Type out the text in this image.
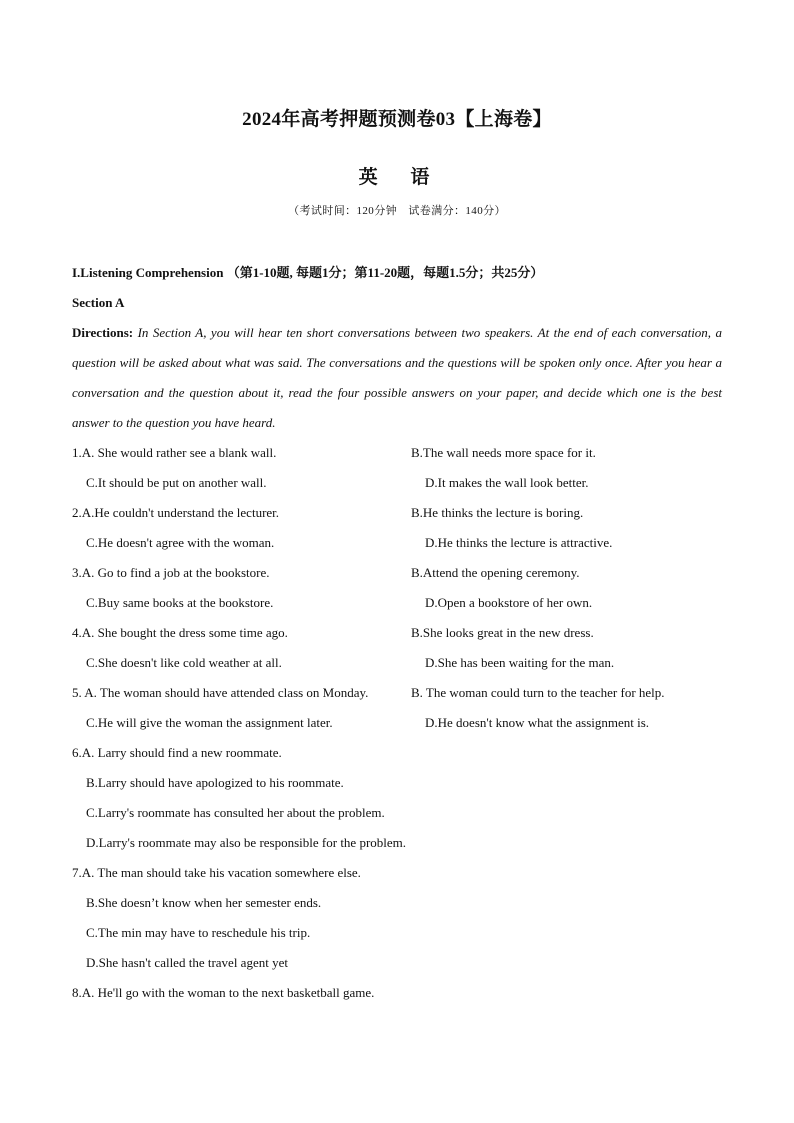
2024年高考押题预测卷03【上海卷】
英 语
（考试时间：120分钟　试卷满分：140分）
I.Listening Comprehension （第1-10题, 每题1分；第11-20题，每题1.5分；共25分）
Section A
Directions: In Section A, you will hear ten short conversations between two speakers. At the end of each conversation, a question will be asked about what was said. The conversations and the questions will be spoken only once. After you hear a conversation and the question about it, read the four possible answers on your paper, and decide which one is the best answer to the question you have heard.
1.A. She would rather see a blank wall.	B.The wall needs more space for it.
C.It should be put on another wall.	D.It makes the wall look better.
2.A.He couldn't understand the lecturer.	B.He thinks the lecture is boring.
C.He doesn't agree with the woman.	D.He thinks the lecture is attractive.
3.A. Go to find a job at the bookstore.	B.Attend the opening ceremony.
C.Buy same books at the bookstore.	D.Open a bookstore of her own.
4.A. She bought the dress some time ago.	B.She looks great in the new dress.
C.She doesn't like cold weather at all.	D.She has been waiting for the man.
5. A. The woman should have attended class on Monday.	B. The woman could turn to the teacher for help.
C.He will give the woman the assignment later.	D.He doesn't know what the assignment is.
6.A. Larry should find a new roommate.
B.Larry should have apologized to his roommate.
C.Larry's roommate has consulted her about the problem.
D.Larry's roommate may also be responsible for the problem.
7.A. The man should take his vacation somewhere else.
B.She doesn’t know when her semester ends.
C.The min may have to reschedule his trip.
D.She hasn't called the travel agent yet
8.A. He'll go with the woman to the next basketball game.
